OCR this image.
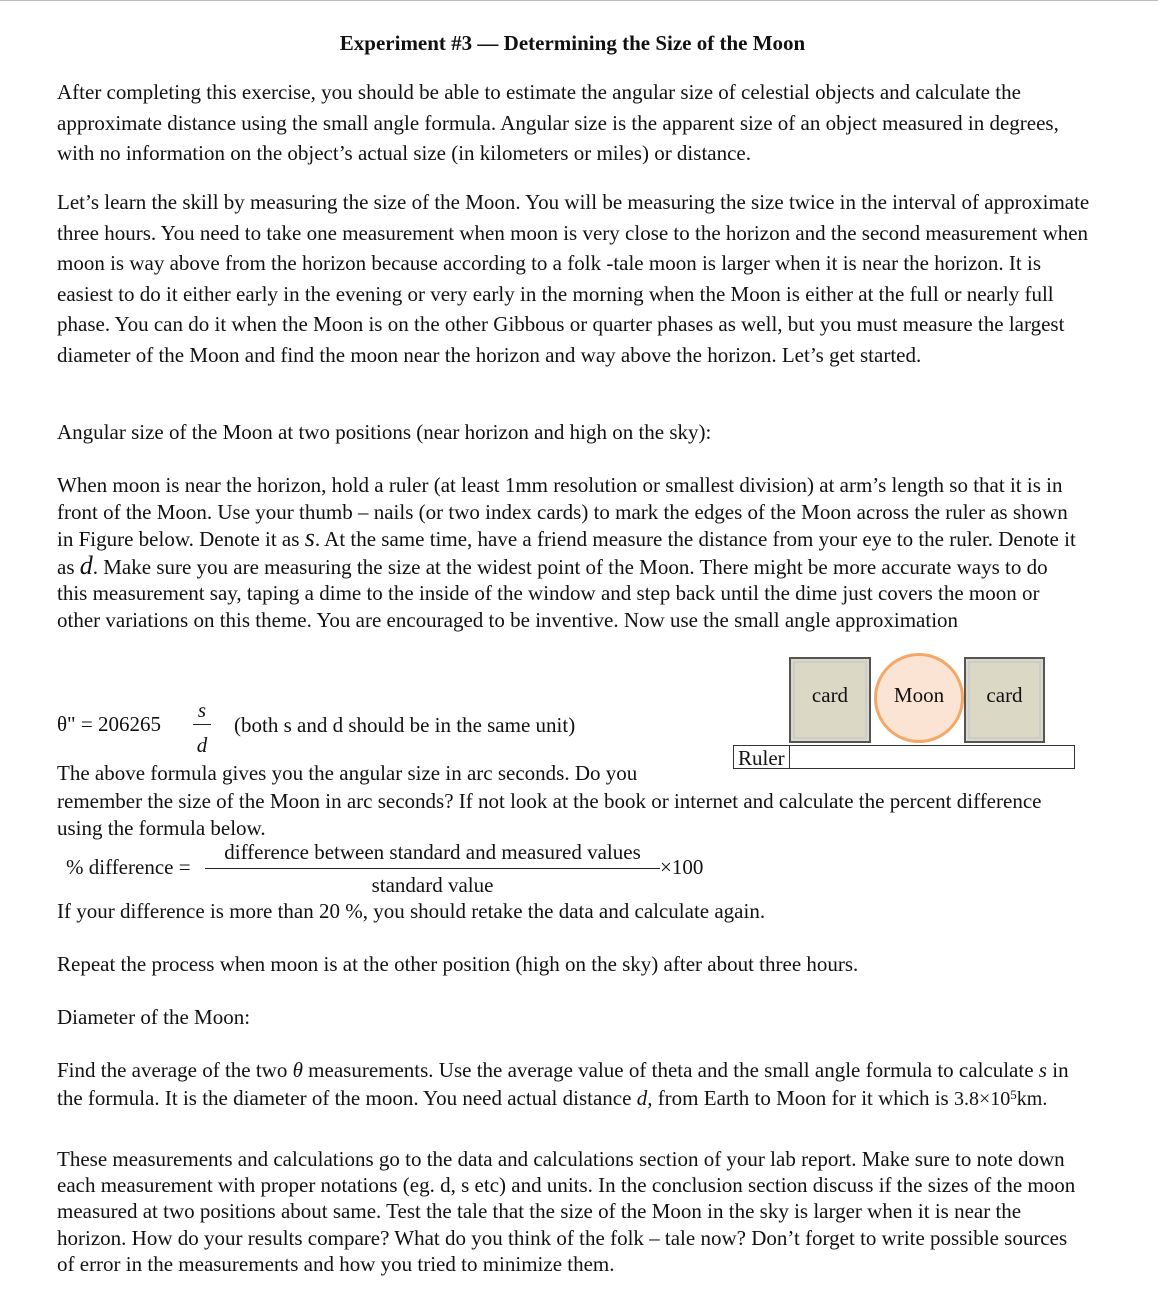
Experiment #3 — Determining the Size of the Moon
After completing this exercise, you should be able to estimate the angular size of celestial objects and calculate the approximate distance using the small angle formula. Angular size is the apparent size of an object measured in degrees, with no information on the object’s actual size (in kilometers or miles) or distance.
Let’s learn the skill by measuring the size of the Moon. You will be measuring the size twice in the interval of approximate three hours. You need to take one measurement when moon is very close to the horizon and the second measurement when moon is way above from the horizon because according to a folk -tale moon is larger when it is near the horizon. It is easiest to do it either early in the evening or very early in the morning when the Moon is either at the full or nearly full phase. You can do it when the Moon is on the other Gibbous or quarter phases as well, but you must measure the largest diameter of the Moon and find the moon near the horizon and way above the horizon. Let’s get started.
Angular size of the Moon at two positions (near horizon and high on the sky):
When moon is near the horizon, hold a ruler (at least 1mm resolution or smallest division) at arm’s length so that it is in front of the Moon. Use your thumb – nails (or two index cards) to mark the edges of the Moon across the ruler as shown in Figure below. Denote it as s. At the same time, have a friend measure the distance from your eye to the ruler. Denote it as d. Make sure you are measuring the size at the widest point of the Moon. There might be more accurate ways to do this measurement say, taping a dime to the inside of the window and step back until the dime just covers the moon or other variations on this theme. You are encouraged to be inventive. Now use the small angle approximation
θ" = 206265
s
d
(both s and d should be in the same unit)
card	Moon	card
Ruler
The above formula gives you the angular size in arc seconds. Do you
remember the size of the Moon in arc seconds? If not look at the book or internet and calculate the percent difference using the formula below.
% difference =
difference between standard and measured values
standard value
×100
If your difference is more than 20 %, you should retake the data and calculate again.
Repeat the process when moon is at the other position (high on the sky) after about three hours.
Diameter of the Moon:
Find the average of the two θ measurements. Use the average value of theta and the small angle formula to calculate s in the formula. It is the diameter of the moon. You need actual distance d, from Earth to Moon for it which is $3.8\times 10^5km$.
These measurements and calculations go to the data and calculations section of your lab report. Make sure to note down each measurement with proper notations (eg. d, s etc) and units. In the conclusion section discuss if the sizes of the moon measured at two positions about same. Test the tale that the size of the Moon in the sky is larger when it is near the horizon. How do your results compare? What do you think of the folk – tale now? Don’t forget to write possible sources of error in the measurements and how you tried to minimize them.
